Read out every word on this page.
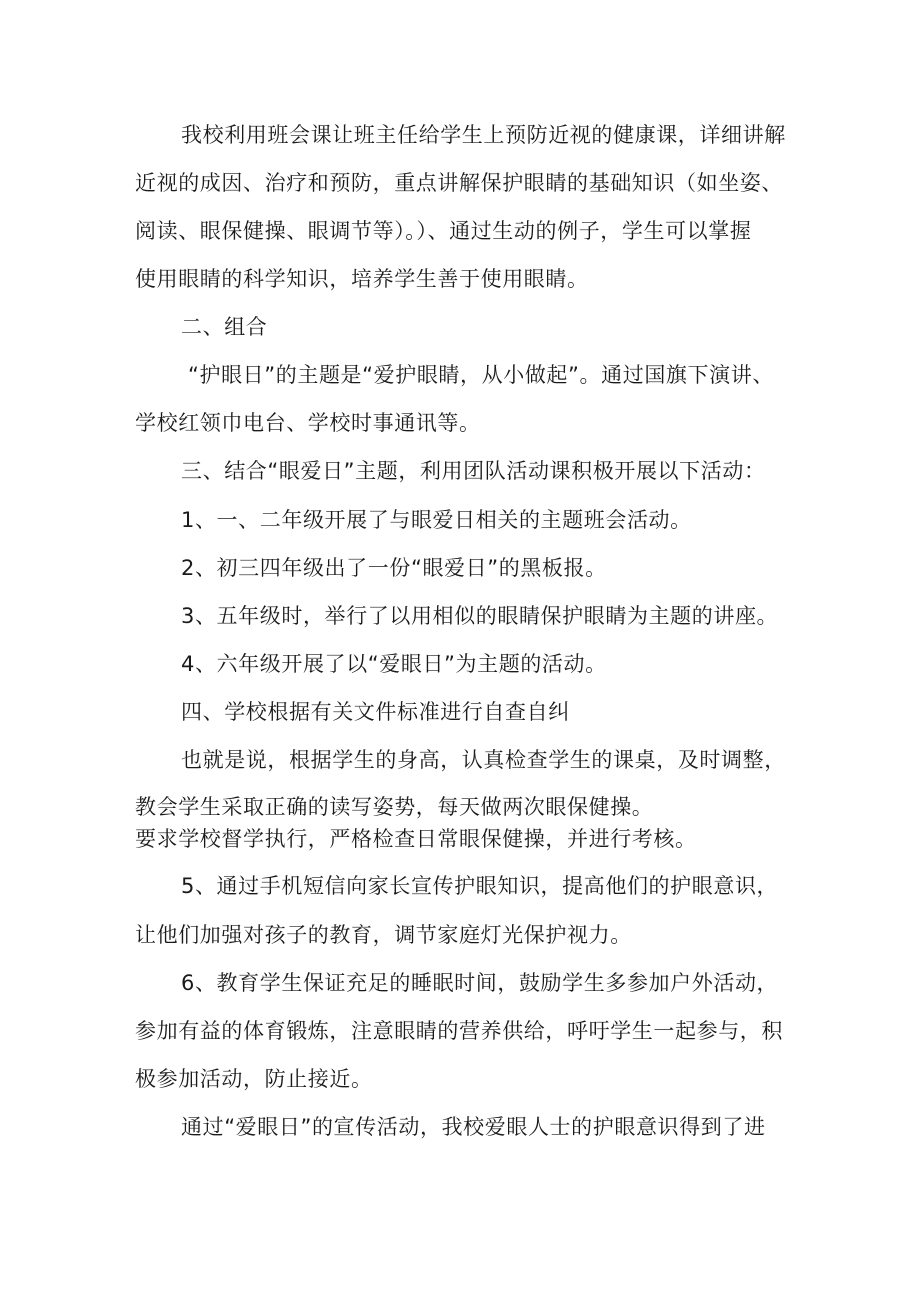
我校利用班会课让班主任给学生上预防近视的健康课，详细讲解
近视的成因、治疗和预防，重点讲解保护眼睛的基础知识（如坐姿、
阅读、眼保健操、眼调节等）。）、通过生动的例子，学生可以掌握
使用眼睛的科学知识，培养学生善于使用眼睛。
二、组合
“护眼日”的主题是“爱护眼睛，从小做起”。通过国旗下演讲、
学校红领巾电台、学校时事通讯等。
三、结合“眼爱日”主题，利用团队活动课积极开展以下活动：
1、一、二年级开展了与眼爱日相关的主题班会活动。
2、初三四年级出了一份“眼爱日”的黑板报。
3、五年级时，举行了以用相似的眼睛保护眼睛为主题的讲座。
4、六年级开展了以“爱眼日”为主题的活动。
四、学校根据有关文件标准进行自查自纠
也就是说，根据学生的身高，认真检查学生的课桌，及时调整，
教会学生采取正确的读写姿势，每天做两次眼保健操。
要求学校督学执行，严格检查日常眼保健操，并进行考核。
5、通过手机短信向家长宣传护眼知识，提高他们的护眼意识，
让他们加强对孩子的教育，调节家庭灯光保护视力。
6、教育学生保证充足的睡眠时间，鼓励学生多参加户外活动，
参加有益的体育锻炼，注意眼睛的营养供给，呼吁学生一起参与，积
极参加活动，防止接近。
通过“爱眼日”的宣传活动，我校爱眼人士的护眼意识得到了进
